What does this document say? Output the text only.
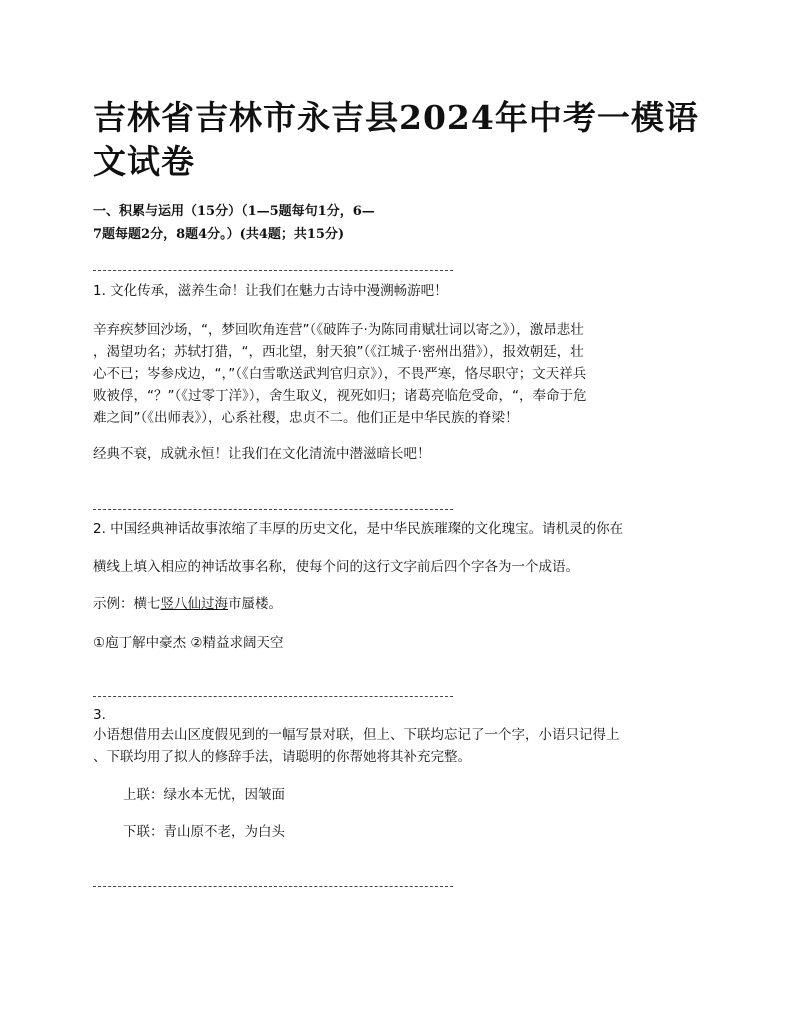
吉林省吉林市永吉县2024年中考一模语文试卷
一、积累与运用（15分）（1—5题每句1分，6—
7题每题2分，8题4分。）(共4题；共15分)

1. 文化传承，滋养生命！让我们在魅力古诗中漫溯畅游吧！

辛弃疾梦回沙场，“，梦回吹角连营”（《破阵子·为陈同甫赋壮词以寄之》），激昂悲壮

，渴望功名；苏轼打猎，“，西北望，射天狼”（《江城子·密州出猎》），报效朝廷，壮

心不已；岑参戍边，“，”（《白雪歌送武判官归京》），不畏严寒，恪尽职守；文天祥兵

败被俘，“？”（《过零丁洋》），舍生取义，视死如归；诸葛亮临危受命，“，奉命于危

难之间”（《出师表》），心系社稷，忠贞不二。他们正是中华民族的脊梁！

经典不衰，成就永恒！让我们在文化清流中潜滋暗长吧！

2. 中国经典神话故事浓缩了丰厚的历史文化，是中华民族璀璨的文化瑰宝。请机灵的你在

横线上填入相应的神话故事名称，使每个问的这行文字前后四个字各为一个成语。

示例：横七竖八仙过海市蜃楼。

①庖丁解中豪杰 ②精益求阔天空

3.

小语想借用去山区度假见到的一幅写景对联，但上、下联均忘记了一个字，小语只记得上

、下联均用了拟人的修辞手法，请聪明的你帮她将其补充完整。

上联：绿水本无忧，因皱面

下联：青山原不老，为白头
